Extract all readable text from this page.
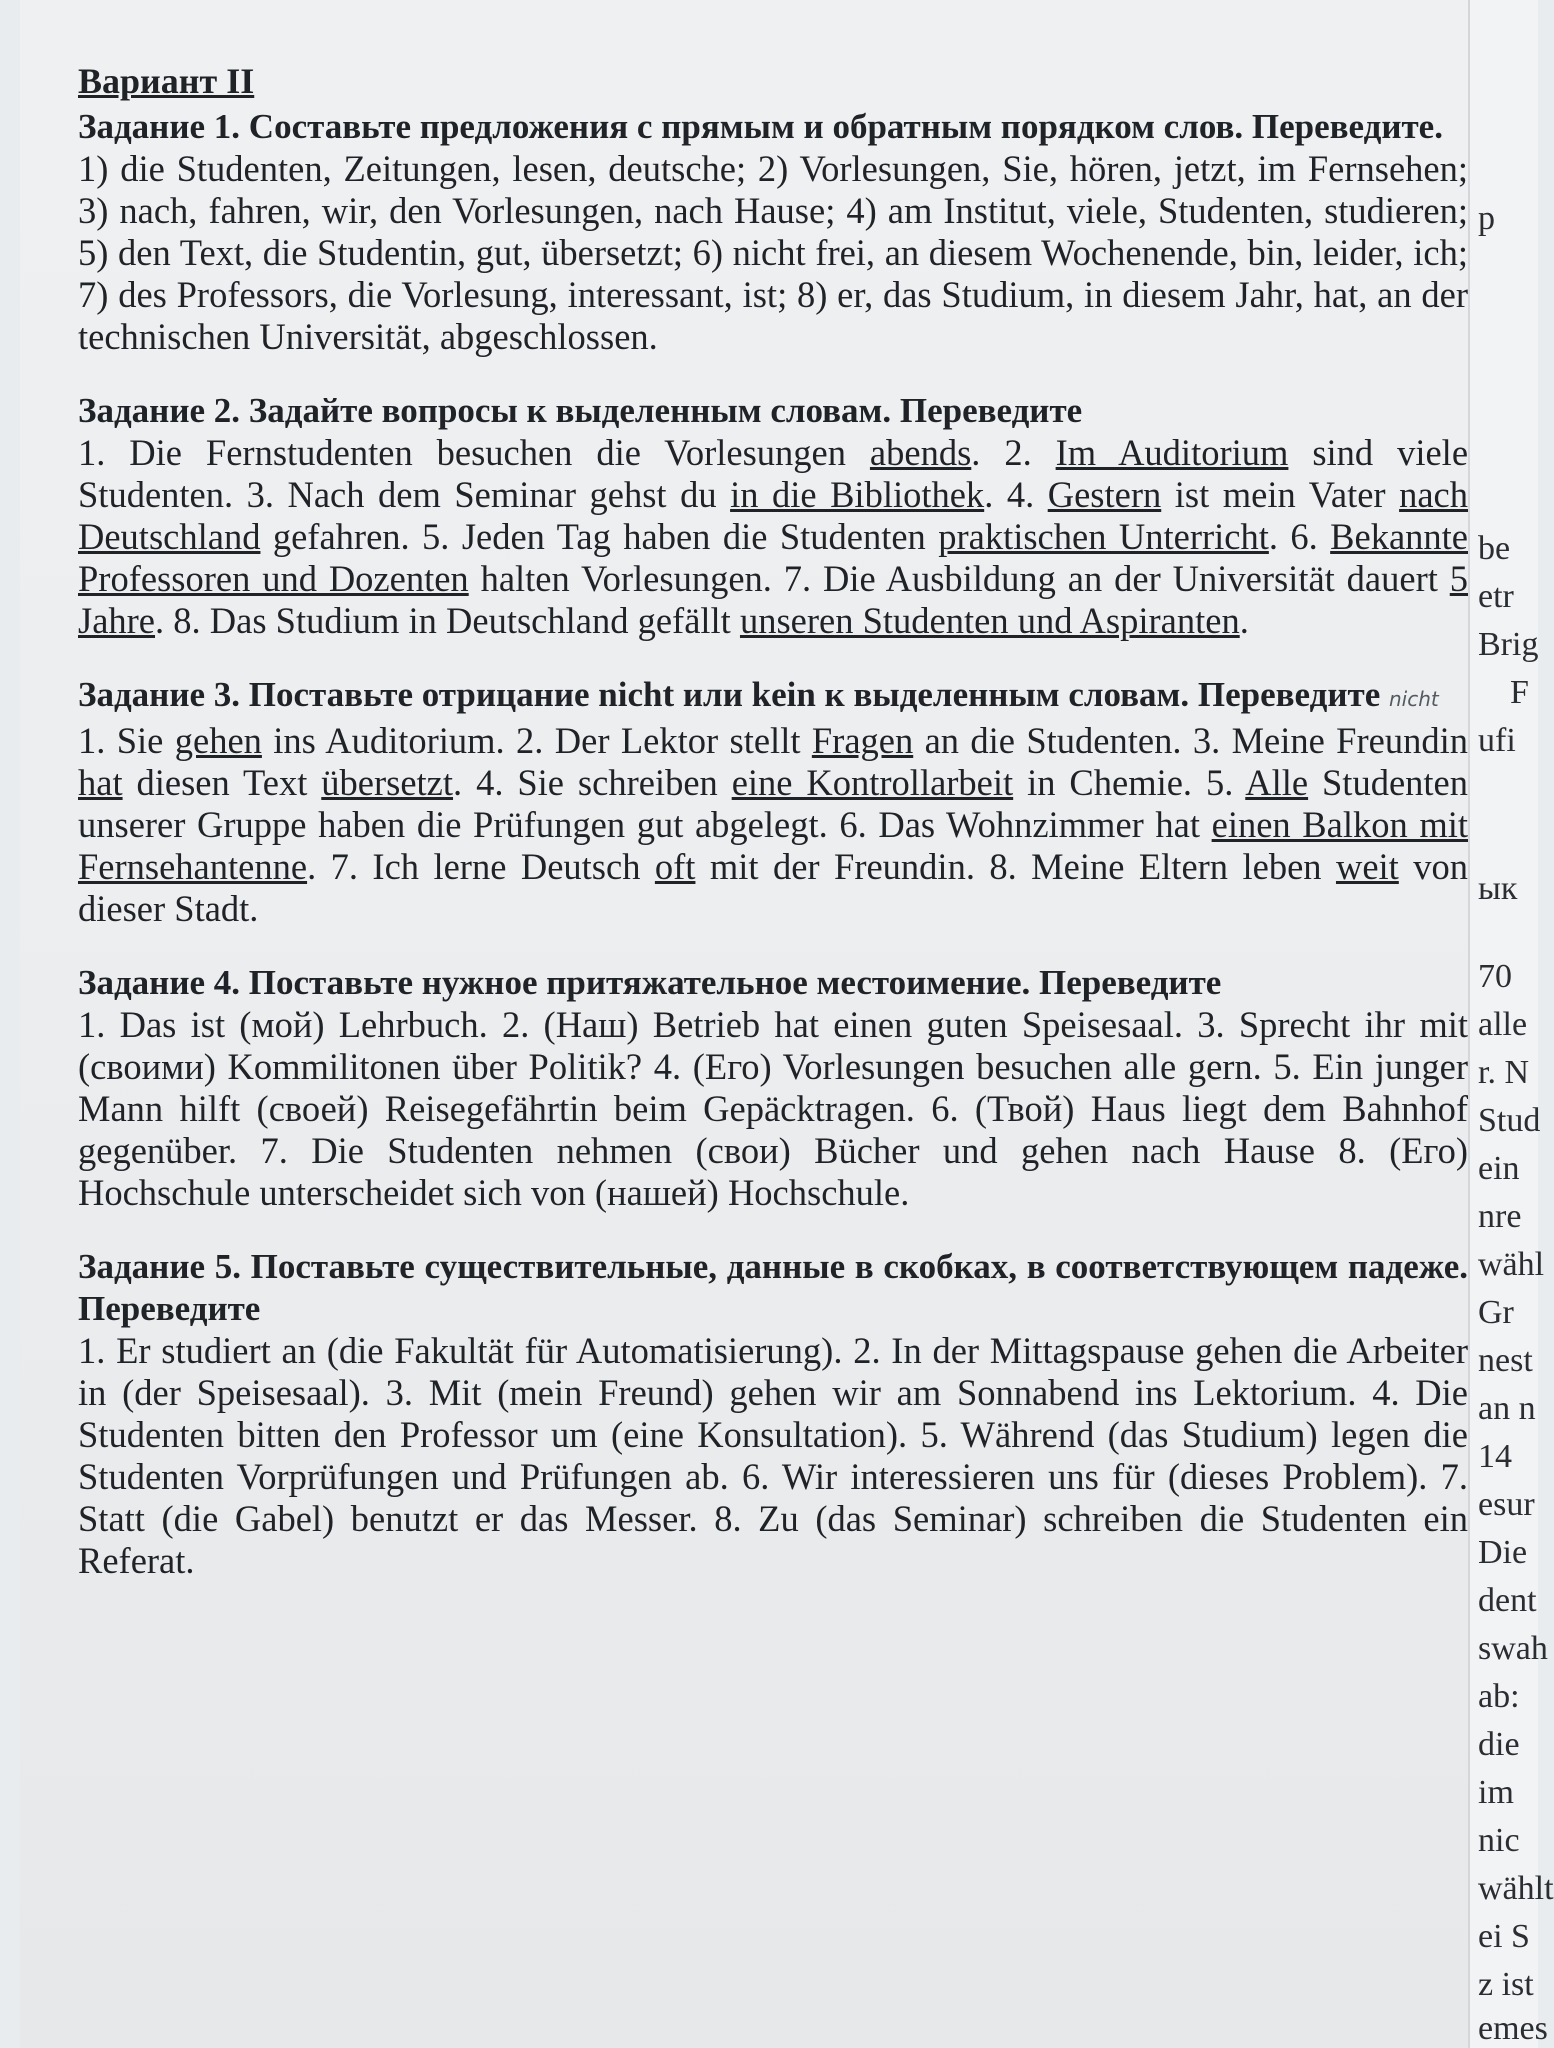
Вариант II
Задание 1. Составьте предложения с прямым и обратным порядком слов. Переведите.
1) die Studenten, Zeitungen, lesen, deutsche; 2) Vorlesungen, Sie, hören, jetzt, im Fernsehen; 3) nach, fahren, wir, den Vorlesungen, nach Hause; 4) am Institut, viele, Studenten, studieren; 5) den Text, die Studentin, gut, übersetzt; 6) nicht frei, an diesem Wochenende, bin, leider, ich; 7) des Professors, die Vorlesung, interessant, ist; 8) er, das Studium, in diesem Jahr, hat, an der technischen Universität, abgeschlossen.
Задание 2. Задайте вопросы к выделенным словам. Переведите
1. Die Fernstudenten besuchen die Vorlesungen abends. 2. Im Auditorium sind viele Studenten. 3. Nach dem Seminar gehst du in die Bibliothek. 4. Gestern ist mein Vater nach Deutschland gefahren. 5. Jeden Tag haben die Studenten praktischen Unterricht. 6. Bekannte Professoren und Dozenten halten Vorlesungen. 7. Die Ausbildung an der Universität dauert 5 Jahre. 8. Das Studium in Deutschland gefällt unseren Studenten und Aspiranten.
Задание 3. Поставьте отрицание nicht или kein к выделенным словам. Переведите nicht
1. Sie gehen ins Auditorium. 2. Der Lektor stellt Fragen an die Studenten. 3. Meine Freundin hat diesen Text übersetzt. 4. Sie schreiben eine Kontrollarbeit in Chemie. 5. Alle Studenten unserer Gruppe haben die Prüfungen gut abgelegt. 6. Das Wohnzimmer hat einen Balkon mit Fernsehantenne. 7. Ich lerne Deutsch oft mit der Freundin. 8. Meine Eltern leben weit von dieser Stadt.
Задание 4. Поставьте нужное притяжательное местоимение. Переведите
1. Das ist (мой) Lehrbuch. 2. (Наш) Betrieb hat einen guten Speisesaal. 3. Sprecht ihr mit (своими) Kommilitonen über Politik? 4. (Его) Vorlesungen besuchen alle gern. 5. Ein junger Mann hilft (своей) Reisegefährtin beim Gepäcktragen. 6. (Твой) Haus liegt dem Bahnhof gegenüber. 7. Die Studenten nehmen (свои) Bücher und gehen nach Hause 8. (Его) Hochschule unterscheidet sich von (нашей) Hochschule.
Задание 5. Поставьте существительные, данные в скобках, в соответствующем падеже. Переведите
1. Er studiert an (die Fakultät für Automatisierung). 2. In der Mittagspause gehen die Arbeiter in (der Speisesaal). 3. Mit (mein Freund) gehen wir am Sonnabend ins Lektorium. 4. Die Studenten bitten den Professor um (eine Konsultation). 5. Während (das Studium) legen die Studenten Vorprüfungen und Prüfungen ab. 6. Wir interessieren uns für (dieses Problem). 7. Statt (die Gabel) benutzt er das Messer. 8. Zu (das Seminar) schreiben die Studenten ein Referat.
р
be
etr
Brig
F
ufi
ык
70
alle
r. N
Stud
ein
nre
wähl
Gr
nest
an n
14
esur
Die
dent
swah
ab:
die
im
nic
wählt
ei S
z ist
emes
